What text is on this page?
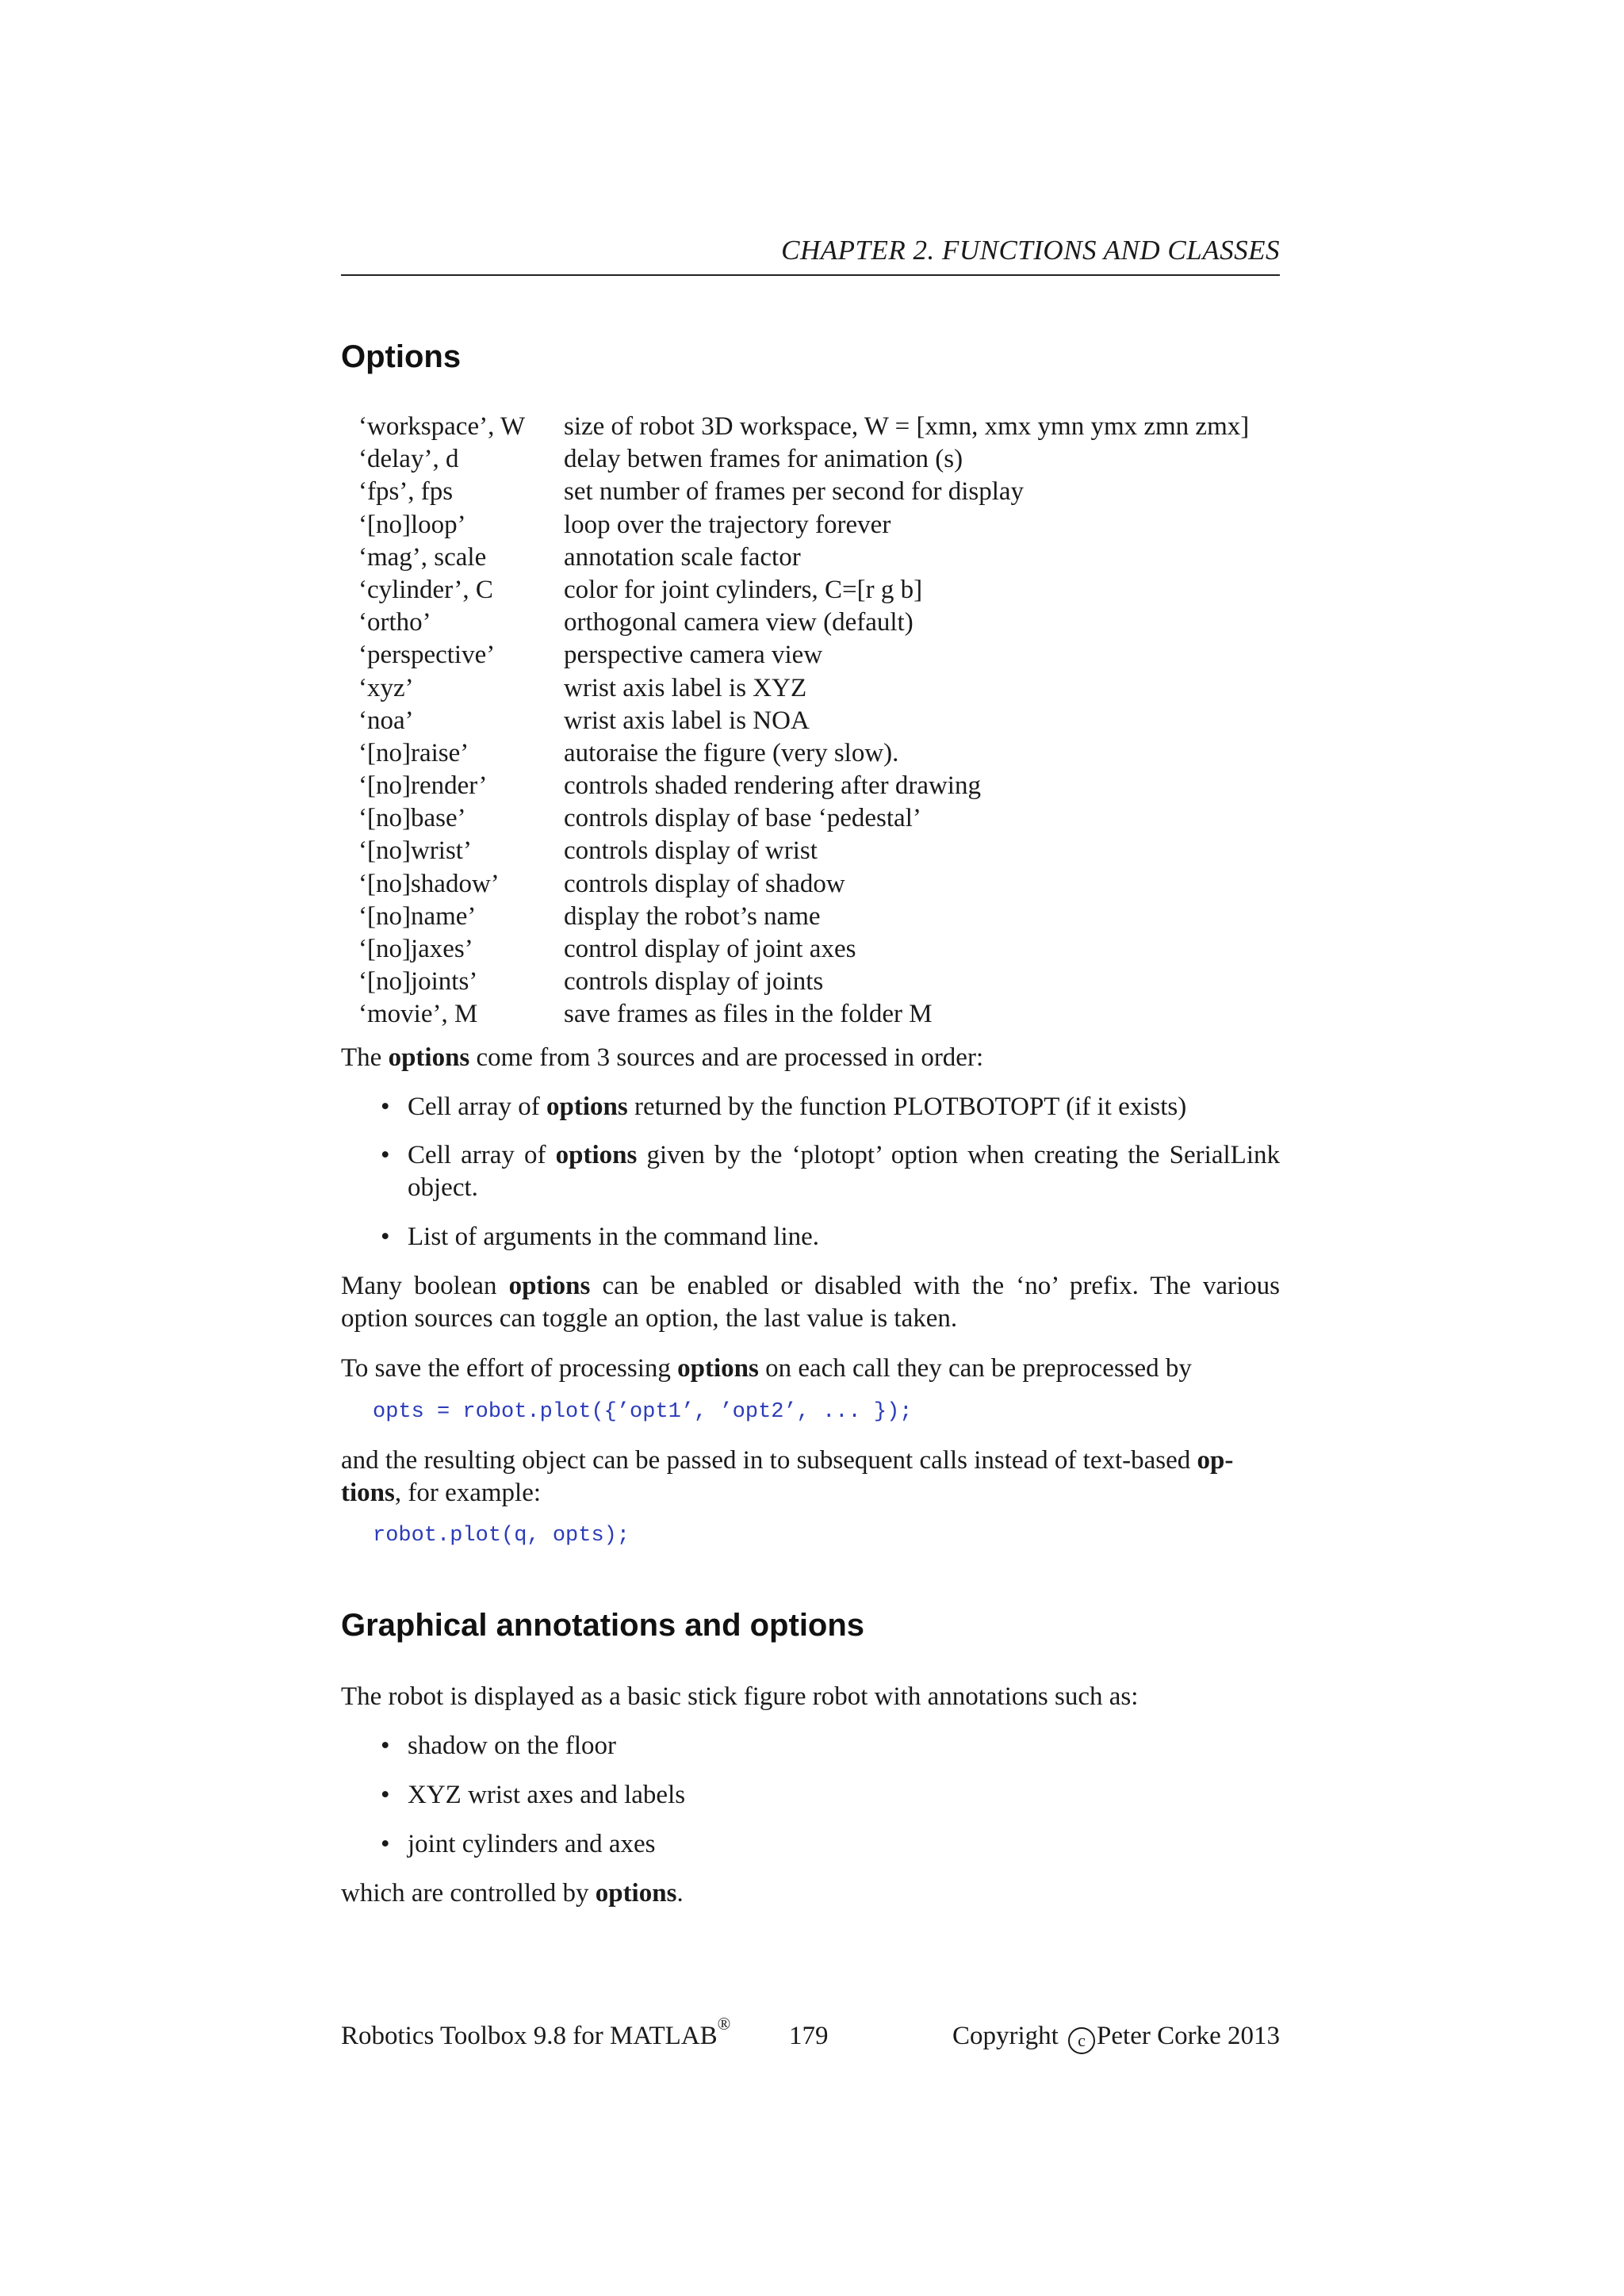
CHAPTER 2. FUNCTIONS AND CLASSES
Options
‘workspace’, W	size of robot 3D workspace, W = [xmn, xmx ymn ymx zmn zmx]
‘delay’, d	delay betwen frames for animation (s)
‘fps’, fps	set number of frames per second for display
‘[no]loop’	loop over the trajectory forever
‘mag’, scale	annotation scale factor
‘cylinder’, C	color for joint cylinders, C=[r g b]
‘ortho’	orthogonal camera view (default)
‘perspective’	perspective camera view
‘xyz’	wrist axis label is XYZ
‘noa’	wrist axis label is NOA
‘[no]raise’	autoraise the figure (very slow).
‘[no]render’	controls shaded rendering after drawing
‘[no]base’	controls display of base ‘pedestal’
‘[no]wrist’	controls display of wrist
‘[no]shadow’	controls display of shadow
‘[no]name’	display the robot’s name
‘[no]jaxes’	control display of joint axes
‘[no]joints’	controls display of joints
‘movie’, M	save frames as files in the folder M

The options come from 3 sources and are processed in order:

• Cell array of options returned by the function PLOTBOTOPT (if it exists)
• Cell array of options given by the ‘plotopt’ option when creating the SerialLink object.
• List of arguments in the command line.

Many boolean options can be enabled or disabled with the ‘no’ prefix. The various option sources can toggle an option, the last value is taken.

To save the effort of processing options on each call they can be preprocessed by

opts = robot.plot({’opt1’, ’opt2’, ... });

and the resulting object can be passed in to subsequent calls instead of text-based op-
tions, for example:

robot.plot(q, opts);
Graphical annotations and options

The robot is displayed as a basic stick figure robot with annotations such as:

• shadow on the floor
• XYZ wrist axes and labels
• joint cylinders and axes

which are controlled by options.

Robotics Toolbox 9.8 for MATLAB® 179	Copyright c Peter Corke 2013
